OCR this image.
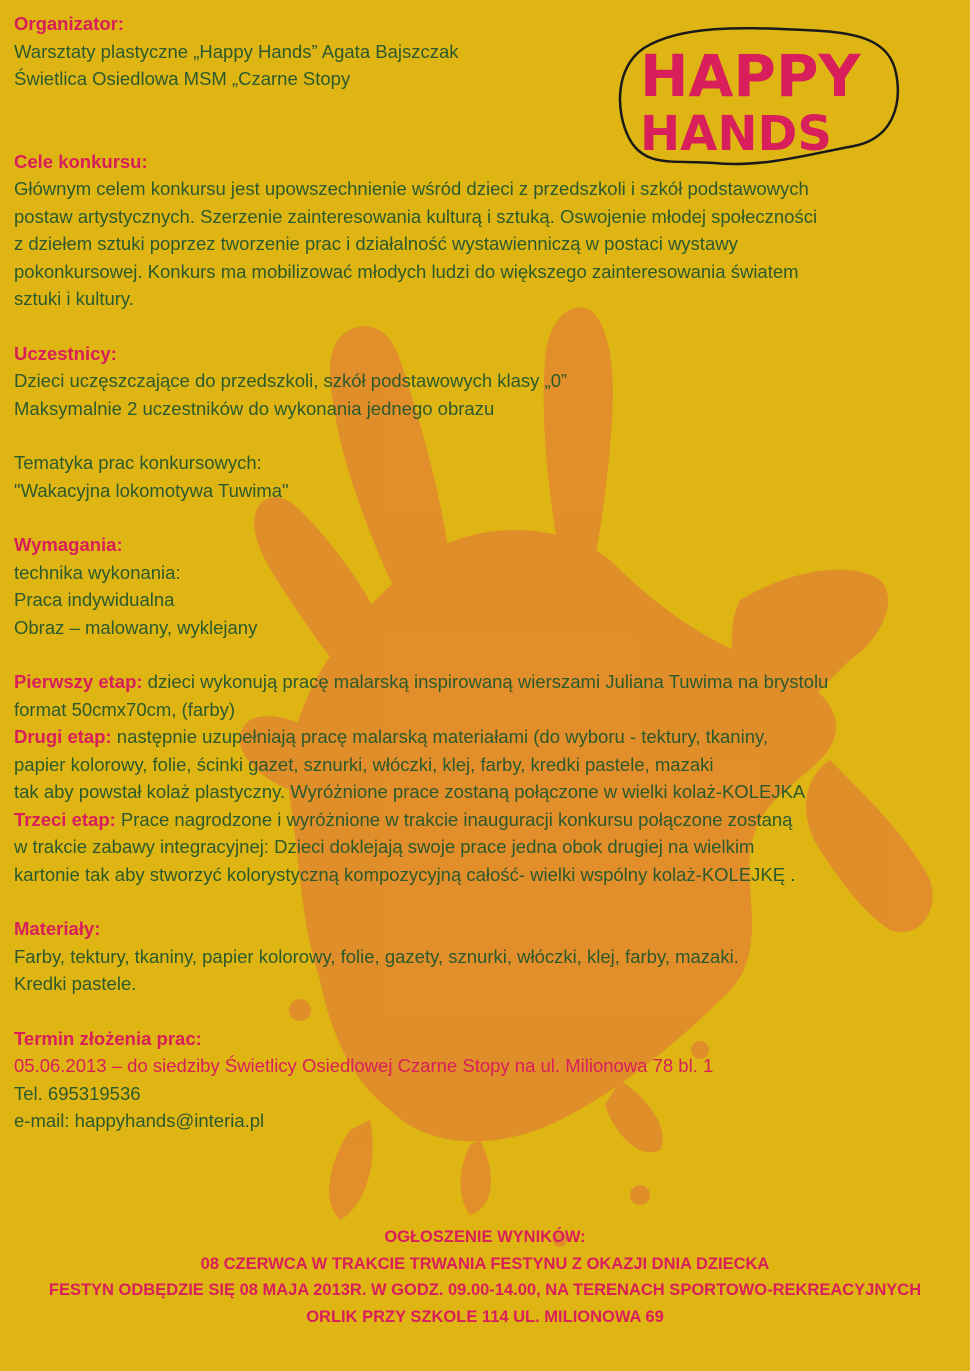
HAPPY
HANDS

Organizator:

Warsztaty plastyczne „Happy Hands” Agata Bajszczak

Świetlica Osiedlowa MSM „Czarne Stopy

Cele konkursu:

Głównym celem konkursu jest upowszechnienie wśród dzieci z przedszkoli i szkół podstawowych

postaw artystycznych. Szerzenie zainteresowania kulturą i sztuką. Oswojenie młodej społeczności

z dziełem sztuki poprzez tworzenie prac i działalność wystawienniczą w postaci wystawy

pokonkursowej. Konkurs ma mobilizować młodych ludzi do większego zainteresowania światem

sztuki i kultury.

Uczestnicy:

Dzieci uczęszczające do przedszkoli, szkół podstawowych klasy „0”

Maksymalnie 2 uczestników do wykonania jednego obrazu

Tematyka prac konkursowych:

"Wakacyjna lokomotywa Tuwima"

Wymagania:

technika wykonania:

Praca indywidualna

Obraz – malowany, wyklejany

Pierwszy etap: dzieci wykonują pracę malarską inspirowaną wierszami Juliana Tuwima na brystolu

format 50cmx70cm, (farby)

Drugi etap: następnie uzupełniają pracę malarską materiałami (do wyboru - tektury, tkaniny,

papier kolorowy, folie, ścinki gazet, sznurki, włóczki, klej, farby, kredki pastele, mazaki

tak aby powstał kolaż plastyczny. Wyróżnione prace zostaną połączone w wielki kolaż-KOLEJKA

Trzeci etap: Prace nagrodzone i wyróżnione w trakcie inauguracji konkursu połączone zostaną

w trakcie zabawy integracyjnej: Dzieci doklejają swoje prace jedna obok drugiej na wielkim

kartonie tak aby stworzyć kolorystyczną kompozycyjną całość- wielki wspólny kolaż-KOLEJKĘ .

Materiały:

Farby, tektury, tkaniny, papier kolorowy, folie, gazety, sznurki, włóczki, klej, farby, mazaki.

Kredki pastele.

Termin złożenia prac:

05.06.2013 – do siedziby Świetlicy Osiedlowej Czarne Stopy na ul. Milionowa 78 bl. 1

Tel. 695319536

e-mail: happyhands@interia.pl

OGŁOSZENIE WYNIKÓW:

08 CZERWCA W TRAKCIE TRWANIA FESTYNU Z OKAZJI DNIA DZIECKA

FESTYN ODBĘDZIE SIĘ 08 MAJA 2013R. W GODZ. 09.00-14.00, NA TERENACH SPORTOWO-REKREACYJNYCH

ORLIK PRZY SZKOLE 114 UL. MILIONOWA 69
